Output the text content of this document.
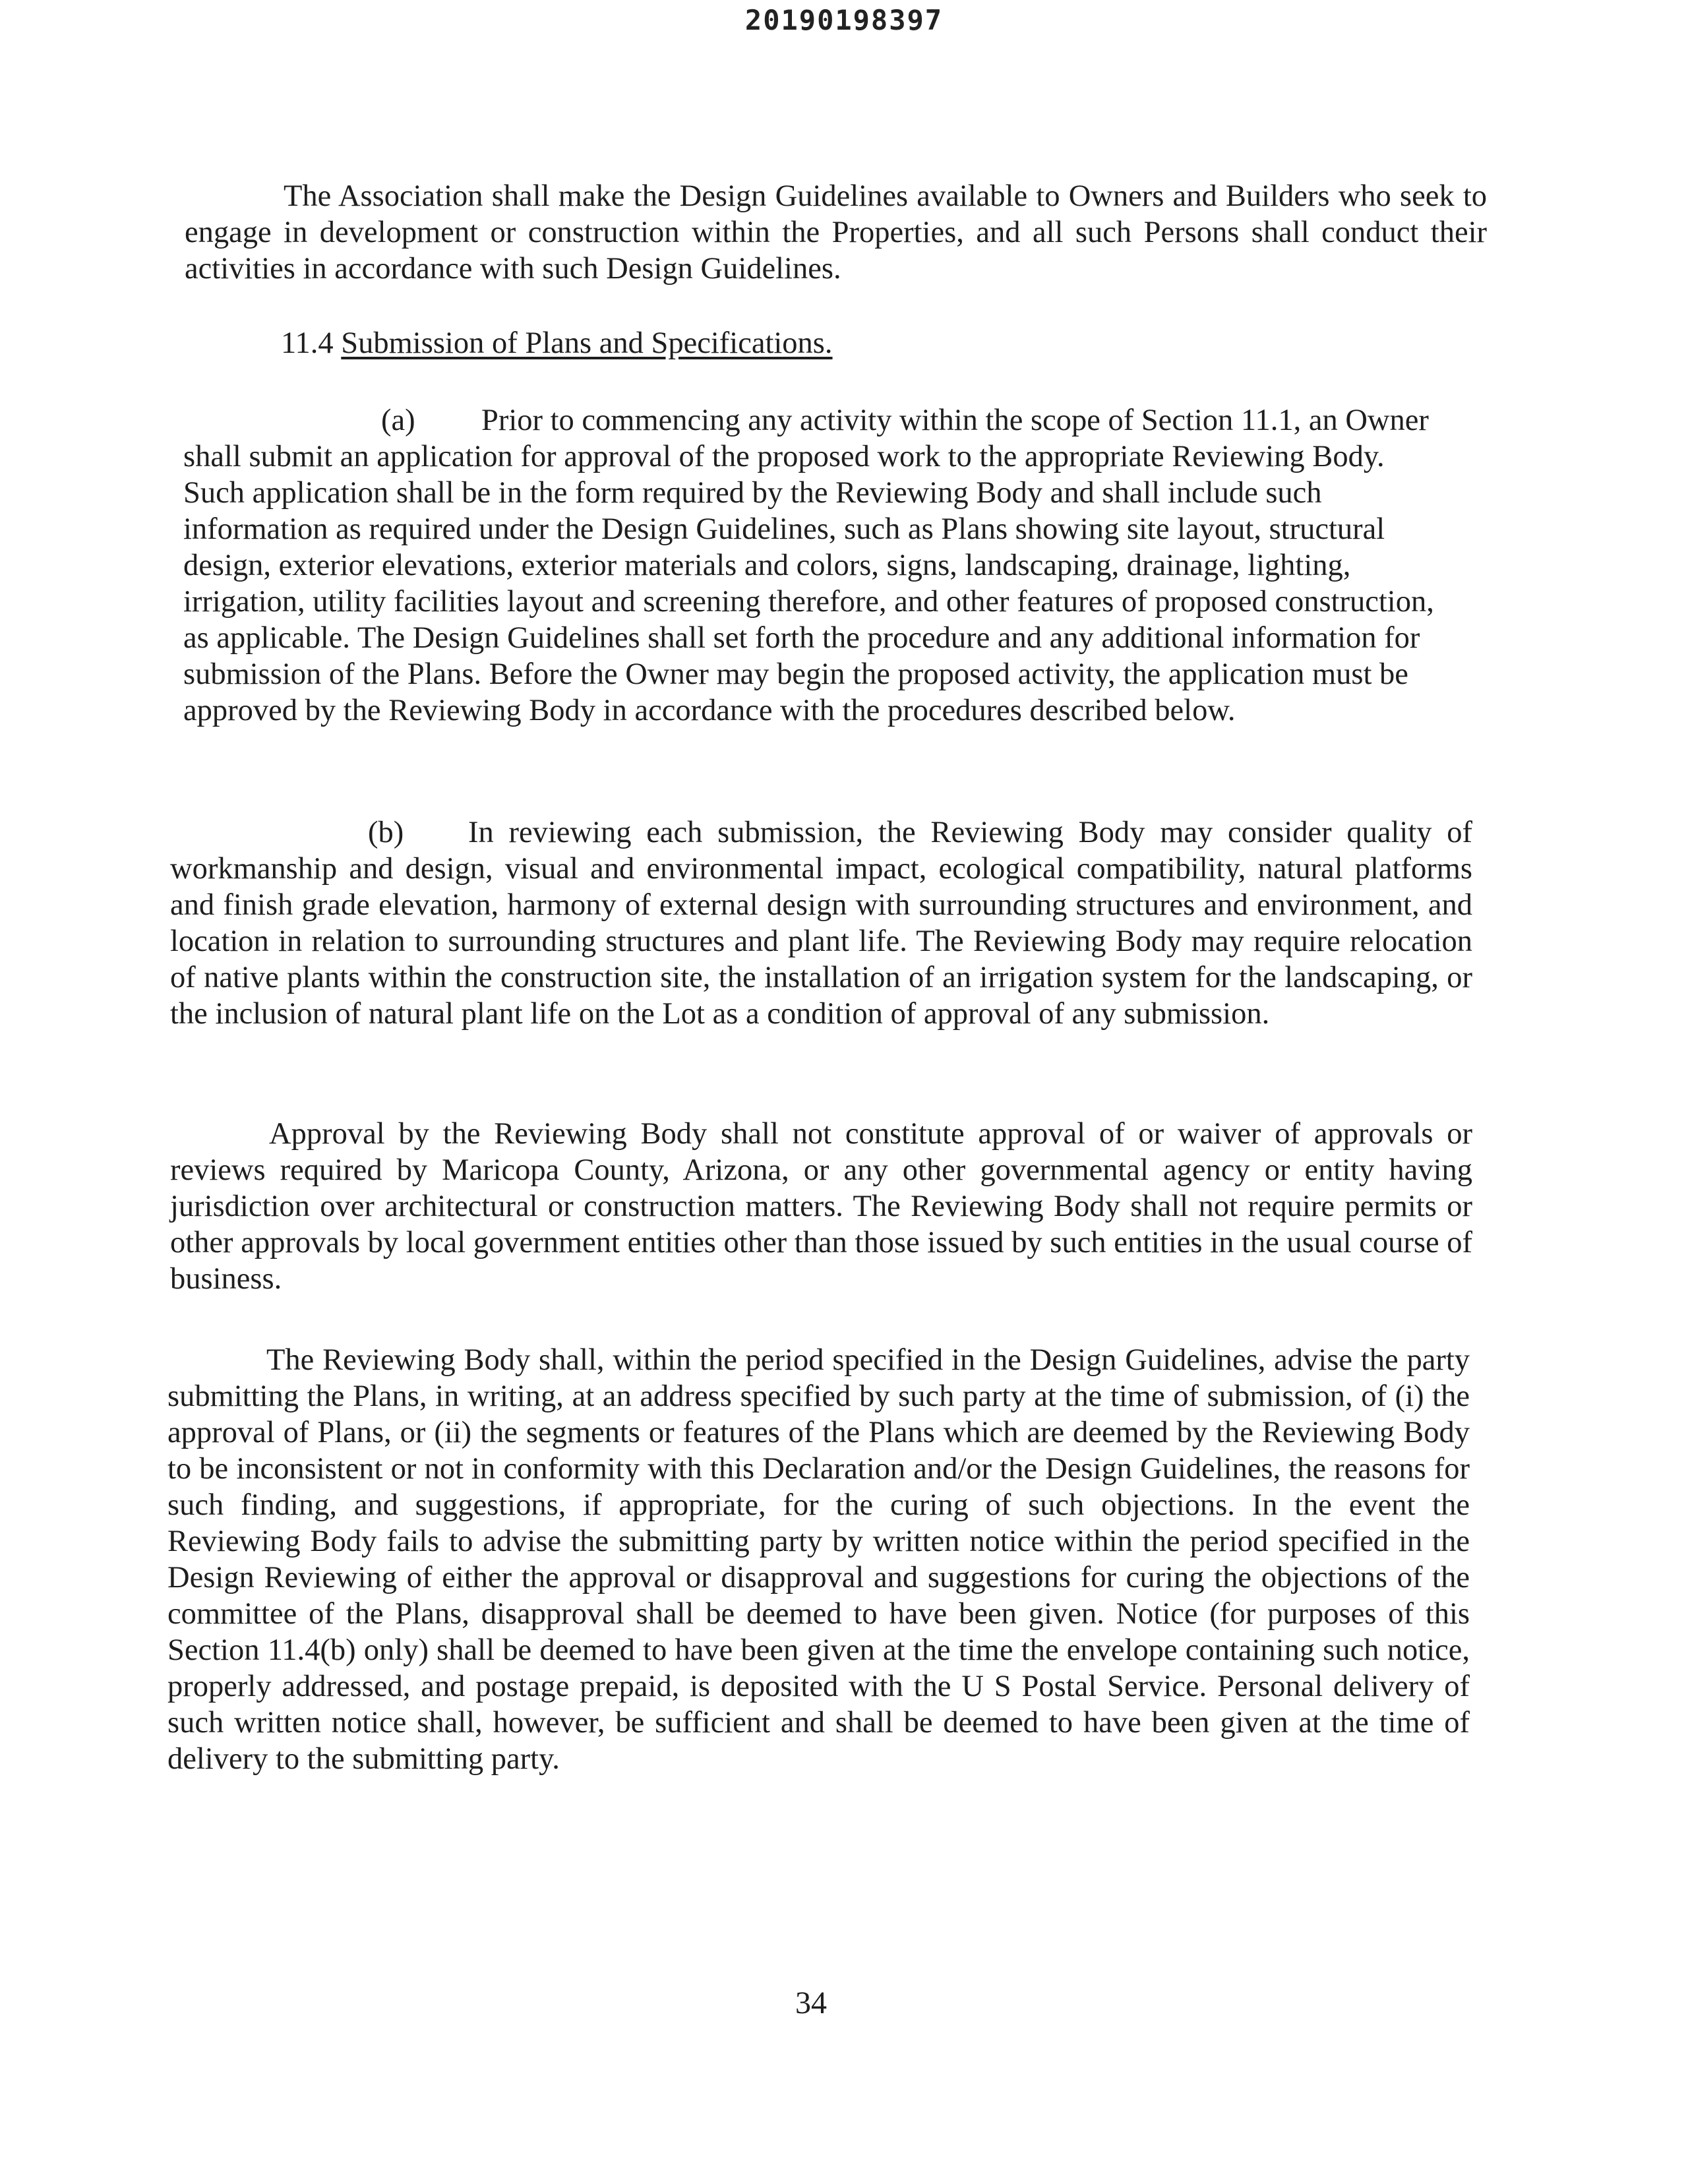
20190198397

The Association shall make the Design Guidelines available to Owners and Builders who seek to engage in development or construction within the Properties, and all such Persons shall conduct their activities in accordance with such Design Guidelines.

11.4 Submission of Plans and Specifications.

(a) Prior to commencing any activity within the scope of Section 11.1, an Owner shall submit an application for approval of the proposed work to the appropriate Reviewing Body. Such application shall be in the form required by the Reviewing Body and shall include such information as required under the Design Guidelines, such as Plans showing site layout, structural design, exterior elevations, exterior materials and colors, signs, landscaping, drainage, lighting, irrigation, utility facilities layout and screening therefore, and other features of proposed construction, as applicable. The Design Guidelines shall set forth the procedure and any additional information for submission of the Plans. Before the Owner may begin the proposed activity, the application must be approved by the Reviewing Body in accordance with the procedures described below.

(b) In reviewing each submission, the Reviewing Body may consider quality of workmanship and design, visual and environmental impact, ecological compatibility, natural platforms and finish grade elevation, harmony of external design with surrounding structures and environment, and location in relation to surrounding structures and plant life. The Reviewing Body may require relocation of native plants within the construction site, the installation of an irrigation system for the landscaping, or the inclusion of natural plant life on the Lot as a condition of approval of any submission.

Approval by the Reviewing Body shall not constitute approval of or waiver of approvals or reviews required by Maricopa County, Arizona, or any other governmental agency or entity having jurisdiction over architectural or construction matters. The Reviewing Body shall not require permits or other approvals by local government entities other than those issued by such entities in the usual course of business.

The Reviewing Body shall, within the period specified in the Design Guidelines, advise the party submitting the Plans, in writing, at an address specified by such party at the time of submission, of (i) the approval of Plans, or (ii) the segments or features of the Plans which are deemed by the Reviewing Body to be inconsistent or not in conformity with this Declaration and/or the Design Guidelines, the reasons for such finding, and suggestions, if appropriate, for the curing of such objections. In the event the Reviewing Body fails to advise the submitting party by written notice within the period specified in the Design Reviewing of either the approval or disapproval and suggestions for curing the objections of the committee of the Plans, disapproval shall be deemed to have been given. Notice (for purposes of this Section 11.4(b) only) shall be deemed to have been given at the time the envelope containing such notice, properly addressed, and postage prepaid, is deposited with the U S Postal Service. Personal delivery of such written notice shall, however, be sufficient and shall be deemed to have been given at the time of delivery to the submitting party.

34
